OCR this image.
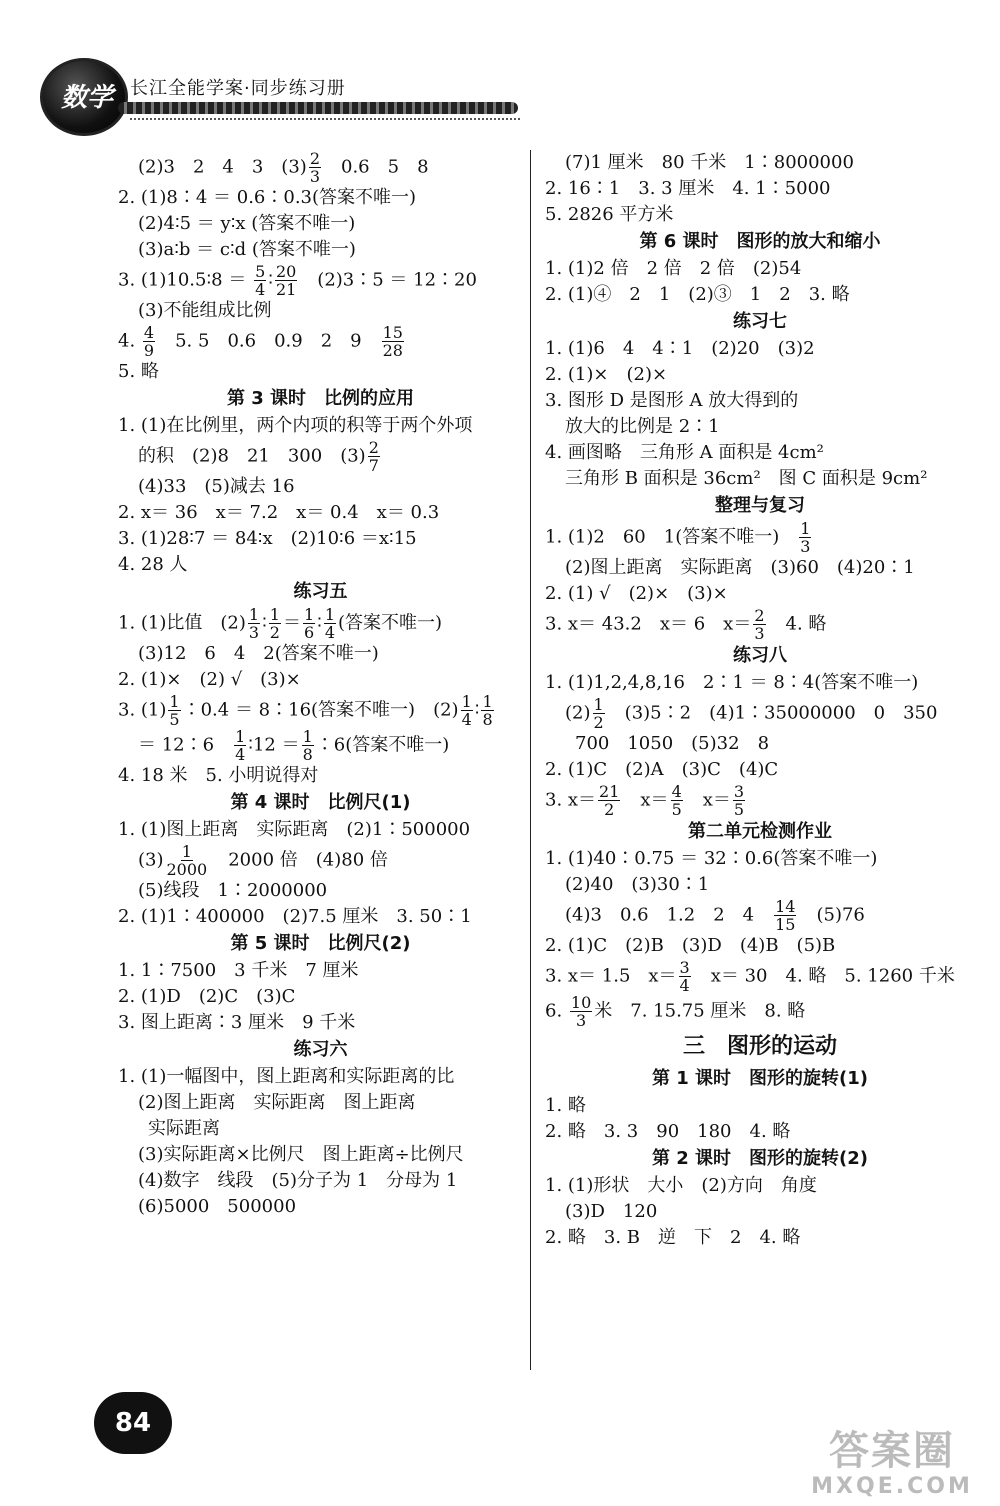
数学 长江全能学案·同步练习册
(2)3　2　4　3　$(3) \frac{2}{3}$ 　0.6　5　8
2. (1)8∶4 ＝ 0.6∶0.3(答案不唯一)
(2)4∶5 ＝ y∶x (答案不唯一)
(3)a∶b ＝ c∶d (答案不唯一)
3. (1)10.5∶8 ＝ $\frac{5}{4}$ ∶ $\frac{20}{21}$ 　(2)3∶5 ＝ 12∶20
(3)不能组成比例
4. $\frac{4}{9}$ 　5. 5　0.6　0.9　2　9　 $\frac{15}{28}$
5. 略
第 3 课时　比例的应用
1. (1)在比例里，两个内项的积等于两个外项
的积　(2)8　21　300　$(3) \frac{2}{7}$
(4)33　(5)减去 16
2. x＝ 36　x＝ 7.2　x＝ 0.4　x＝ 0.3
3. (1)28∶7 ＝ 84∶x　(2)10∶6 ＝x∶15
4. 28 人
练习五
1. (1)比值　$(2) \frac{1}{3}$ ∶ $\frac{1}{2} = \frac{1}{6}$ ∶ $\frac{1}{4}$ (答案不唯一)
(3)12　6　4　2(答案不唯一)
2. (1)×　(2) √　(3)×
3. $(1) \frac{1}{5}$ ∶0.4 ＝ 8∶16(答案不唯一)　$(2) \frac{1}{4}$ ∶ $\frac{1}{8}$
＝ 12∶6　 $\frac{1}{4}$ ∶12 ＝ $\frac{1}{8}$ ∶6(答案不唯一)
4. 18 米　5. 小明说得对
第 4 课时　比例尺(1)
1. (1)图上距离　实际距离　(2)1∶500000
$(3) \frac{1}{2000}$ 　2000 倍　(4)80 倍
(5)线段　1∶2000000
2. (1)1∶400000　(2)7.5 厘米　3. 50∶1
第 5 课时　比例尺(2)
1. 1∶7500　3 千米　7 厘米
2. (1)D　(2)C　(3)C
3. 图上距离∶3 厘米　9 千米
练习六
1. (1)一幅图中，图上距离和实际距离的比
(2)图上距离　实际距离　图上距离
实际距离
(3)实际距离×比例尺　图上距离÷比例尺
(4)数字　线段　(5)分子为 1　分母为 1
(6)5000　500000
(7)1 厘米　80 千米　1∶8000000
2. 16∶1　3. 3 厘米　4. 1∶5000
5. 2826 平方米
第 6 课时　图形的放大和缩小
1. (1)2 倍　2 倍　2 倍　(2)54
2. (1)④　2　1　(2)③　1　2　3. 略
练习七
1. (1)6　4　4∶1　(2)20　(3)2
2. (1)×　(2)×
3. 图形 D 是图形 A 放大得到的
放大的比例是 2∶1
4. 画图略　三角形 A 面积是 4cm²
三角形 B 面积是 36cm²　图 C 面积是 9cm²
整理与复习
1. (1)2　60　1(答案不唯一)　 $\frac{1}{3}$
(2)图上距离　实际距离　(3)60　(4)20∶1
2. (1) √　(2)×　(3)×
3. x＝ 43.2　x＝ 6　$x= \frac{2}{3}$ 　4. 略
练习八
1. (1)1,2,4,8,16　2∶1 ＝ 8∶4(答案不唯一)
$(2) \frac{1}{2}$ 　(3)5∶2　(4)1∶35000000　0　350
700　1050　(5)32　8
2. (1)C　(2)A　(3)C　(4)C
3. $x= \frac{21}{2}$ 　$x= \frac{4}{5}$ 　$x= \frac{3}{5}$
第二单元检测作业
1. (1)40∶0.75 ＝ 32∶0.6(答案不唯一)
(2)40　(3)30∶1
(4)3　0.6　1.2　2　4　 $\frac{14}{15}$ 　(5)76
2. (1)C　(2)B　(3)D　(4)B　(5)B
3. x＝ 1.5　$x= \frac{3}{4}$ 　x＝ 30　4. 略　5. 1260 千米
6. $\frac{10}{3}$ 米　7. 15.75 厘米　8. 略
三　图形的运动
第 1 课时　图形的旋转(1)
1. 略
2. 略　3. 3　90　180　4. 略
第 2 课时　图形的旋转(2)
1. (1)形状　大小　(2)方向　角度
(3)D　120
2. 略　3. B　逆　下　2　4. 略
84
答案圈
MXQE.COM
